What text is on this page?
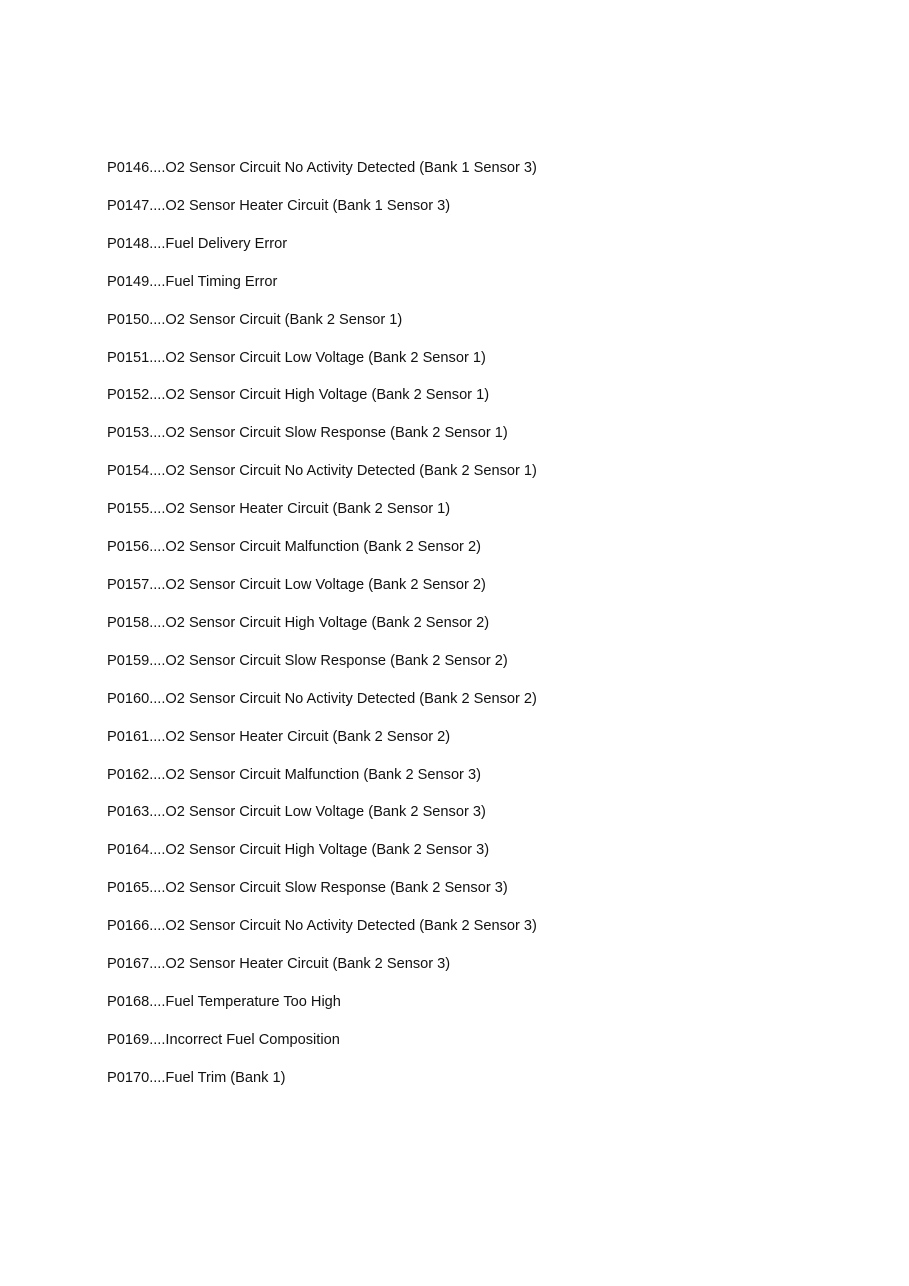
P0146....O2 Sensor Circuit No Activity Detected (Bank 1 Sensor 3)
P0147....O2 Sensor Heater Circuit (Bank 1 Sensor 3)
P0148....Fuel Delivery Error
P0149....Fuel Timing Error
P0150....O2 Sensor Circuit (Bank 2 Sensor 1)
P0151....O2 Sensor Circuit Low Voltage (Bank 2 Sensor 1)
P0152....O2 Sensor Circuit High Voltage (Bank 2 Sensor 1)
P0153....O2 Sensor Circuit Slow Response (Bank 2 Sensor 1)
P0154....O2 Sensor Circuit No Activity Detected (Bank 2 Sensor 1)
P0155....O2 Sensor Heater Circuit (Bank 2 Sensor 1)
P0156....O2 Sensor Circuit Malfunction (Bank 2 Sensor 2)
P0157....O2 Sensor Circuit Low Voltage (Bank 2 Sensor 2)
P0158....O2 Sensor Circuit High Voltage (Bank 2 Sensor 2)
P0159....O2 Sensor Circuit Slow Response (Bank 2 Sensor 2)
P0160....O2 Sensor Circuit No Activity Detected (Bank 2 Sensor 2)
P0161....O2 Sensor Heater Circuit (Bank 2 Sensor 2)
P0162....O2 Sensor Circuit Malfunction (Bank 2 Sensor 3)
P0163....O2 Sensor Circuit Low Voltage (Bank 2 Sensor 3)
P0164....O2 Sensor Circuit High Voltage (Bank 2 Sensor 3)
P0165....O2 Sensor Circuit Slow Response (Bank 2 Sensor 3)
P0166....O2 Sensor Circuit No Activity Detected (Bank 2 Sensor 3)
P0167....O2 Sensor Heater Circuit (Bank 2 Sensor 3)
P0168....Fuel Temperature Too High
P0169....Incorrect Fuel Composition
P0170....Fuel Trim (Bank 1)
